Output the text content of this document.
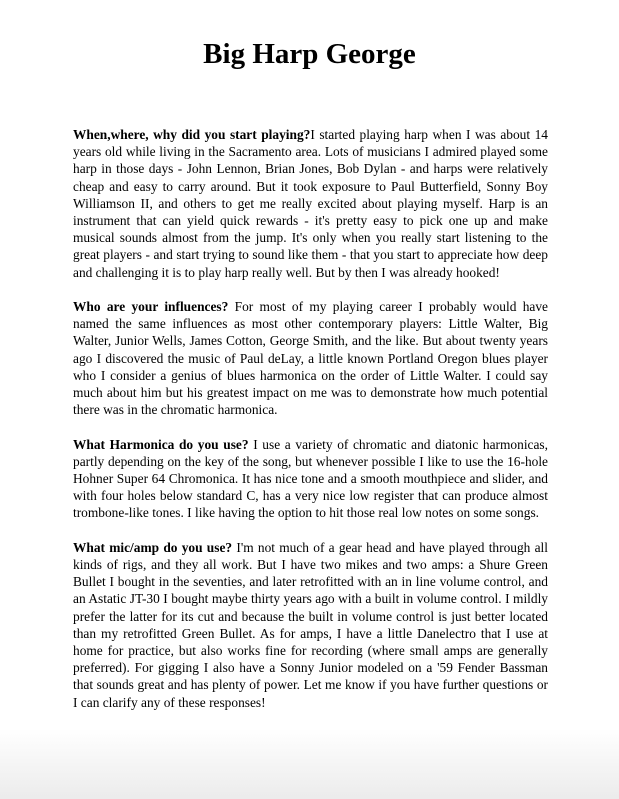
Big Harp George

When,where, why did you start playing?I started playing harp when I was about 14 years old while living in the Sacramento area. Lots of musicians I admired played some harp in those days - John Lennon, Brian Jones, Bob Dylan - and harps were relatively cheap and easy to carry around. But it took exposure to Paul Butterfield, Sonny Boy Williamson II, and others to get me really excited about playing myself. Harp is an instrument that can yield quick rewards - it's pretty easy to pick one up and make musical sounds almost from the jump. It's only when you really start listening to the great players - and start trying to sound like them - that you start to appreciate how deep and challenging it is to play harp really well. But by then I was already hooked!

Who are your influences? For most of my playing career I probably would have named the same influences as most other contemporary players: Little Walter, Big Walter, Junior Wells, James Cotton, George Smith, and the like. But about twenty years ago I discovered the music of Paul deLay, a little known Portland Oregon blues player who I consider a genius of blues harmonica on the order of Little Walter. I could say much about him but his greatest impact on me was to demonstrate how much potential there was in the chromatic harmonica.

What Harmonica do you use? I use a variety of chromatic and diatonic harmonicas, partly depending on the key of the song, but whenever possible I like to use the 16-hole Hohner Super 64 Chromonica. It has nice tone and a smooth mouthpiece and slider, and with four holes below standard C, has a very nice low register that can produce almost trombone-like tones. I like having the option to hit those real low notes on some songs.

What mic/amp do you use? I'm not much of a gear head and have played through all kinds of rigs, and they all work. But I have two mikes and two amps: a Shure Green Bullet I bought in the seventies, and later retrofitted with an in line volume control, and an Astatic JT-30 I bought maybe thirty years ago with a built in volume control. I mildly prefer the latter for its cut and because the built in volume control is just better located than my retrofitted Green Bullet. As for amps, I have a little Danelectro that I use at home for practice, but also works fine for recording (where small amps are generally preferred). For gigging I also have a Sonny Junior modeled on a '59 Fender Bassman that sounds great and has plenty of power. Let me know if you have further questions or I can clarify any of these responses!
